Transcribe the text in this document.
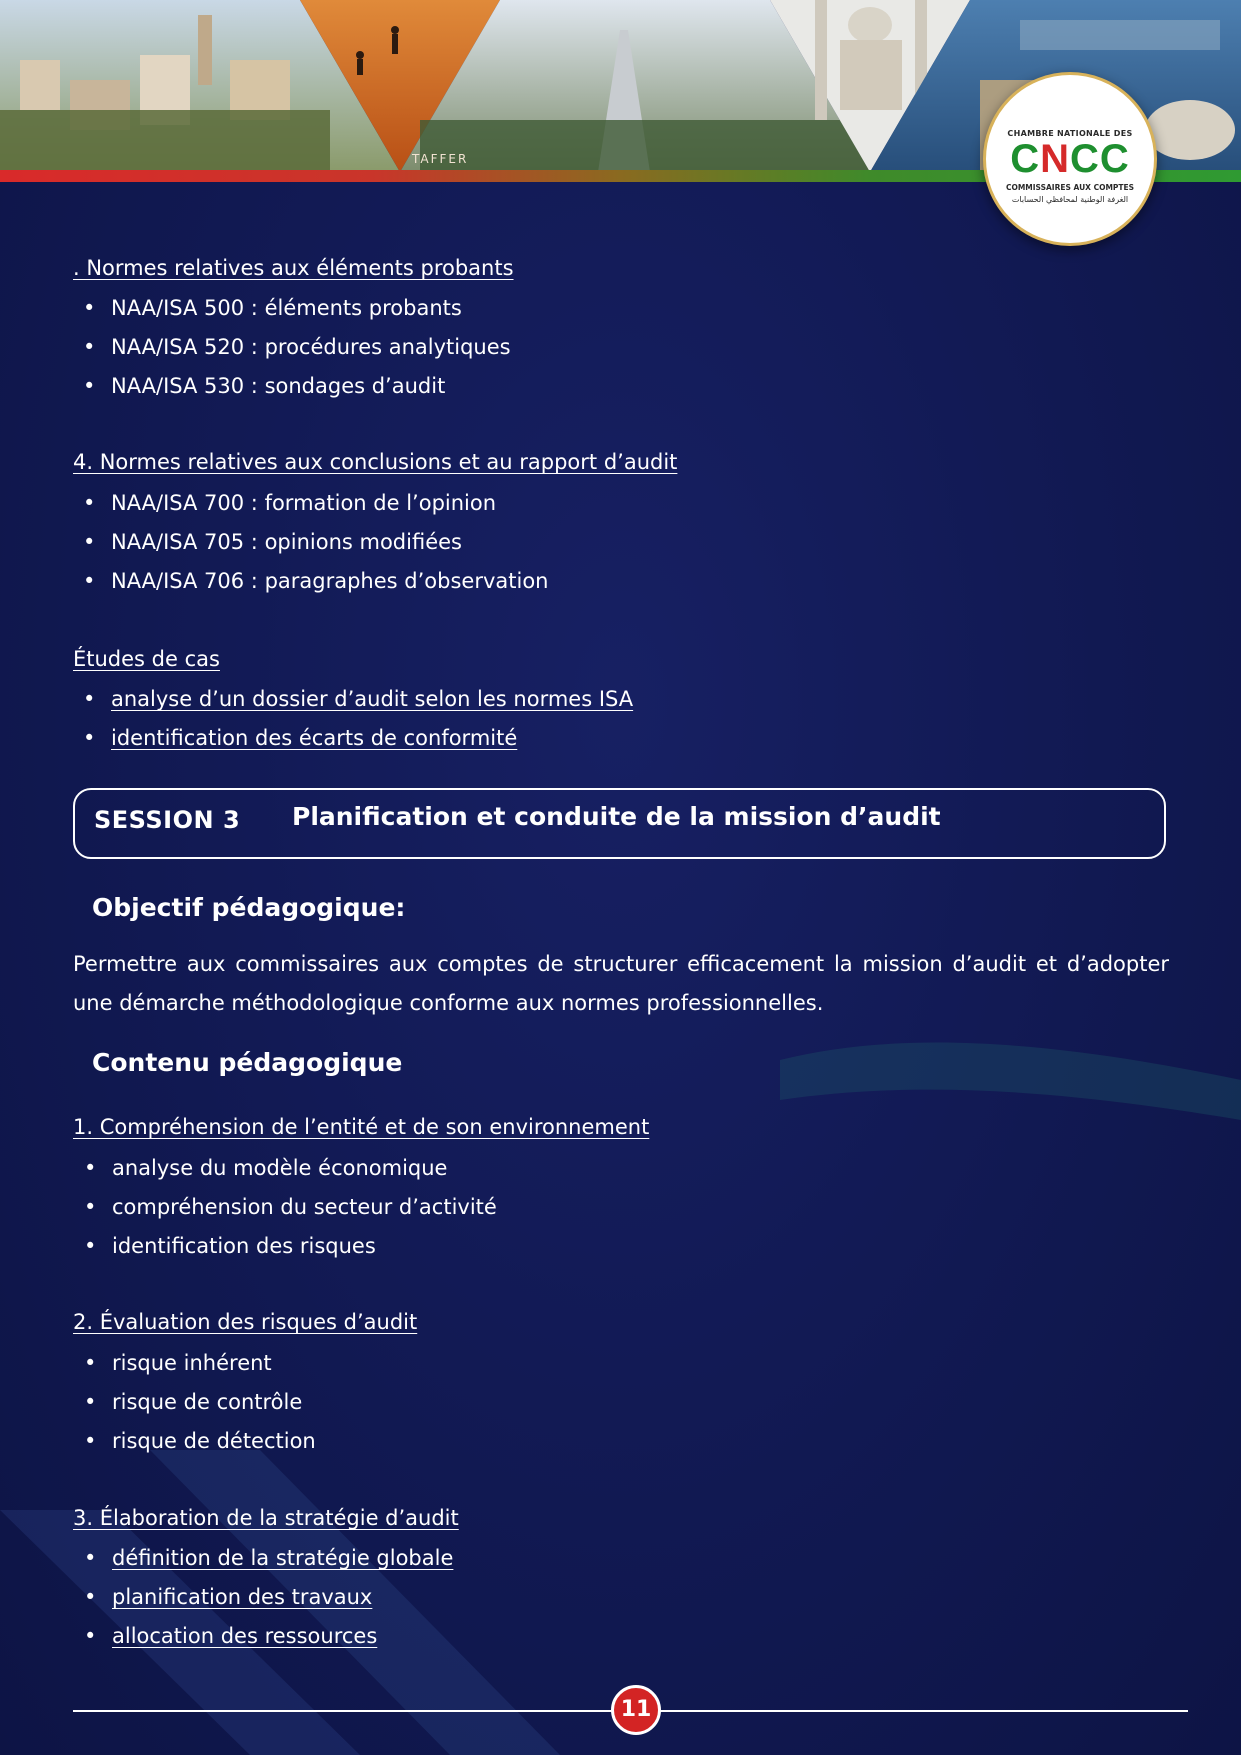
TAFFER
CHAMBRE NATIONALE DES
CNCC
COMMISSAIRES AUX COMPTES
الغرفة الوطنية لمحافظي الحسابات
. Normes relatives aux éléments probants
• NAA/ISA 500 : éléments probants
• NAA/ISA 520 : procédures analytiques
• NAA/ISA 530 : sondages d’audit
4. Normes relatives aux conclusions et au rapport d’audit
• NAA/ISA 700 : formation de l’opinion
• NAA/ISA 705 : opinions modifiées
• NAA/ISA 706 : paragraphes d’observation
Études de cas
• analyse d’un dossier d’audit selon les normes ISA
• identification des écarts de conformité
SESSION 3 Planification et conduite de la mission d’audit
Objectif pédagogique:
Permettre aux commissaires aux comptes de structurer efficacement la mission d’audit et d’adopter une démarche méthodologique conforme aux normes professionnelles.
Contenu pédagogique
1. Compréhension de l’entité et de son environnement
• analyse du modèle économique
• compréhension du secteur d’activité
• identification des risques
2. Évaluation des risques d’audit
• risque inhérent
• risque de contrôle
• risque de détection
3. Élaboration de la stratégie d’audit
• définition de la stratégie globale
• planification des travaux
• allocation des ressources
11
